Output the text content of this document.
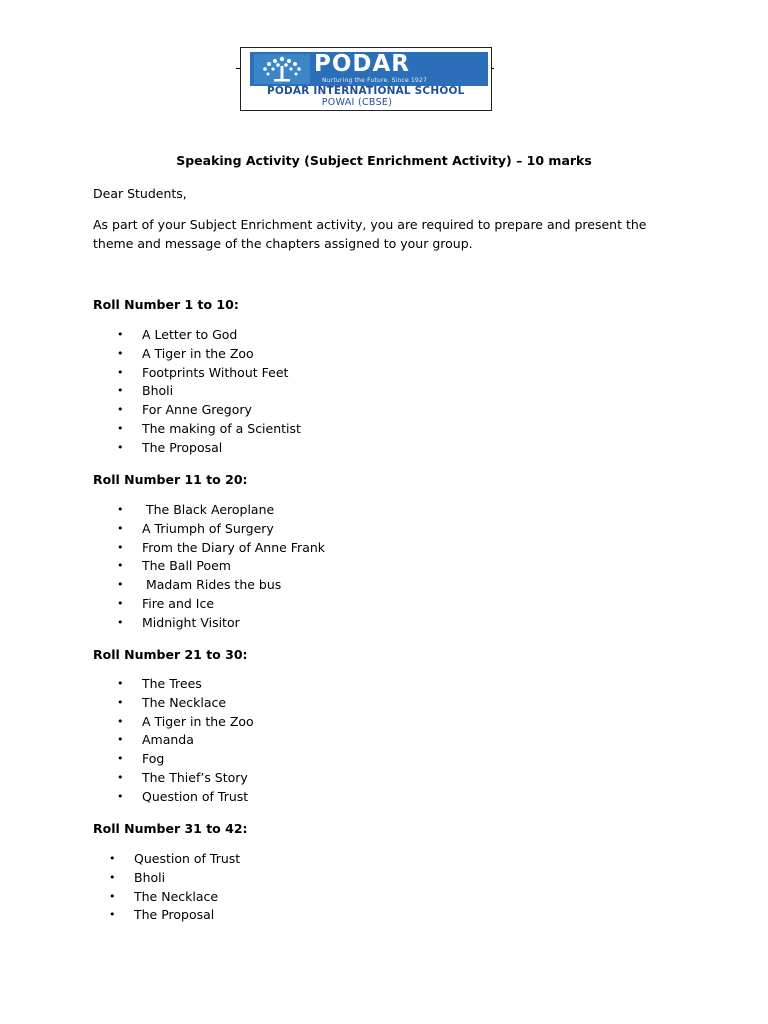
PODAR
Nurturing the Future. Since 1927
PODAR INTERNATIONAL SCHOOL
POWAI (CBSE)
Speaking Activity (Subject Enrichment Activity) – 10 marks
Dear Students,
As part of your Subject Enrichment activity, you are required to prepare and present the theme and message of the chapters assigned to your group.
Roll Number 1 to 10:
• A Letter to God
• A Tiger in the Zoo
• Footprints Without Feet
• Bholi
• For Anne Gregory
• The making of a Scientist
• The Proposal
Roll Number 11 to 20:
• The Black Aeroplane
• A Triumph of Surgery
• From the Diary of Anne Frank
• The Ball Poem
• Madam Rides the bus
• Fire and Ice
• Midnight Visitor
Roll Number 21 to 30:
• The Trees
• The Necklace
• A Tiger in the Zoo
• Amanda
• Fog
• The Thief’s Story
• Question of Trust
Roll Number 31 to 42:
• Question of Trust
• Bholi
• The Necklace
• The Proposal
